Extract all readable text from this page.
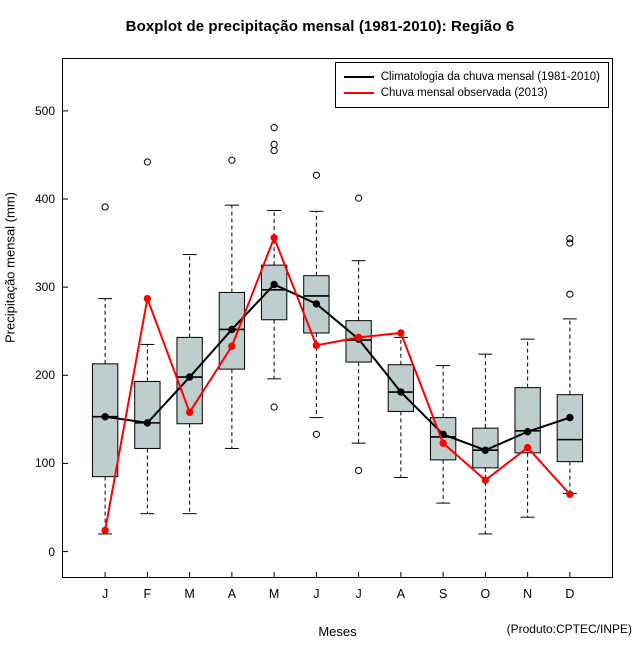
Boxplot de precipitação mensal (1981-2010): Região 6
0
100
200
300
400
500
J	F	M	A	M	J	J	A	S	O	N	D
Climatologia da chuva mensal (1981-2010)
Chuva mensal observada (2013)
Precipitação mensal (mm)
Meses	(Produto:CPTEC/INPE)
